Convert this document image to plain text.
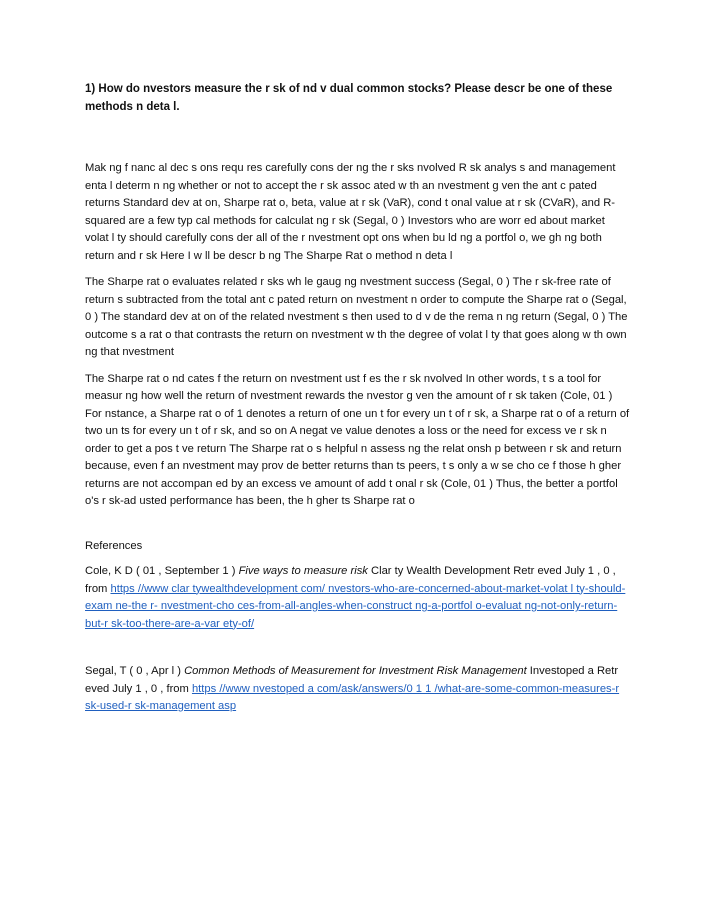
1) How do nvestors measure the r sk of nd v dual common stocks? Please descr be one of these methods n deta l.

Mak ng f nanc al dec s ons requ res carefully cons der ng the r sks nvolved R sk analys s and management enta l determ n ng whether or not to accept the r sk assoc ated w th an nvestment g ven the ant c pated returns Standard dev at on, Sharpe rat o, beta, value at r sk (VaR), cond t onal value at r sk (CVaR), and R-squared are a few typ cal methods for calculat ng r sk (Segal, 0 ) Investors who are worr ed about market volat l ty should carefully cons der all of the r nvestment opt ons when bu ld ng a portfol o, we gh ng both return and r sk Here I w ll be descr b ng The Sharpe Rat o method n deta l

The Sharpe rat o evaluates related r sks wh le gaug ng nvestment success (Segal, 0 ) The r sk-free rate of return s subtracted from the total ant c pated return on nvestment n order to compute the Sharpe rat o (Segal, 0 ) The standard dev at on of the related nvestment s then used to d v de the rema n ng return (Segal, 0 ) The outcome s a rat o that contrasts the return on nvestment w th the degree of volat l ty that goes along w th own ng that nvestment

The Sharpe rat o nd cates f the return on nvestment ust f es the r sk nvolved In other words, t s a tool for measur ng how well the return of nvestment rewards the nvestor g ven the amount of r sk taken (Cole, 01 ) For nstance, a Sharpe rat o of 1 denotes a return of one un t for every un t of r sk, a Sharpe rat o of a return of two un ts for every un t of r sk, and so on A negat ve value denotes a loss or the need for excess ve r sk n order to get a pos t ve return The Sharpe rat o s helpful n assess ng the relat onsh p between r sk and return because, even f an nvestment may prov de better returns than ts peers, t s only a w se cho ce f those h gher returns are not accompan ed by an excess ve amount of add t onal r sk (Cole, 01 ) Thus, the better a portfol o's r sk-ad usted performance has been, the h gher ts Sharpe rat o

References

Cole, K D ( 01 , September 1 ) Five ways to measure risk Clar ty Wealth Development Retr eved July 1 , 0 , from https //www clar tywealthdevelopment com/ nvestors-who-are-concerned-about-market-volat l ty-should-exam ne-the r- nvestment-cho ces-from-all-angles-when-construct ng-a-portfol o-evaluat ng-not-only-return-but-r sk-too-there-are-a-var ety-of/

Segal, T ( 0 , Apr l ) Common Methods of Measurement for Investment Risk Management Investoped a Retr eved July 1 , 0 , from https //www nvestoped a com/ask/answers/0 1 1 /what-are-some-common-measures-r sk-used-r sk-management asp
